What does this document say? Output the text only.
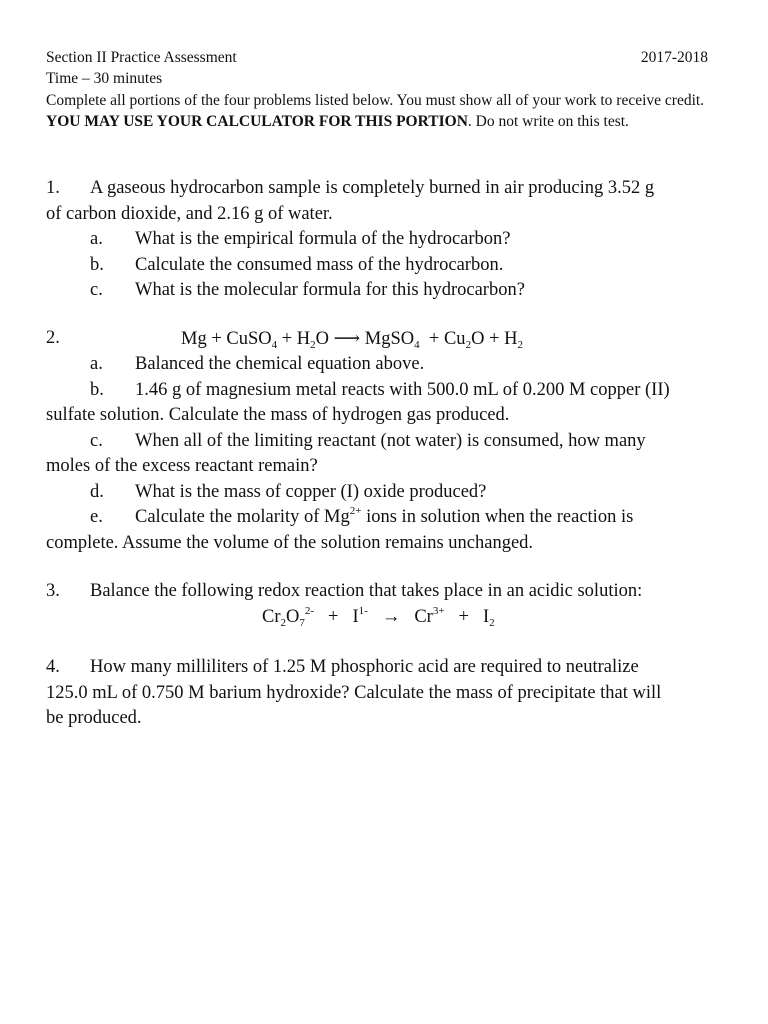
Section II Practice Assessment	2017-2018
Time – 30 minutes
Complete all portions of the four problems listed below. You must show all of your work to receive credit. YOU MAY USE YOUR CALCULATOR FOR THIS PORTION. Do not write on this test.
1. A gaseous hydrocarbon sample is completely burned in air producing 3.52 g
of carbon dioxide, and 2.16 g of water.
a. What is the empirical formula of the hydrocarbon?
b. Calculate the consumed mass of the hydrocarbon.
c. What is the molecular formula for this hydrocarbon?
2.	Mg + CuSO$_4$ + $H_2O$ ⟶ MgSO$_4$  + $Cu_2O + H_2$
a. Balanced the chemical equation above.
b. 1.46 g of magnesium metal reacts with 500.0 mL of 0.200 M copper (II)
sulfate solution. Calculate the mass of hydrogen gas produced.
c. When all of the limiting reactant (not water) is consumed, how many
moles of the excess reactant remain?
d. What is the mass of copper (I) oxide produced?
e. Calculate the molarity of $Mg^{2+}$ ions in solution when the reaction is
complete. Assume the volume of the solution remains unchanged.
3. Balance the following redox reaction that takes place in an acidic solution:
$Cr_2O_7^{2-} + I^{1-} \to Cr^{3+} + I_2$
4. How many milliliters of 1.25 M phosphoric acid are required to neutralize
125.0 mL of 0.750 M barium hydroxide? Calculate the mass of precipitate that will
be produced.
